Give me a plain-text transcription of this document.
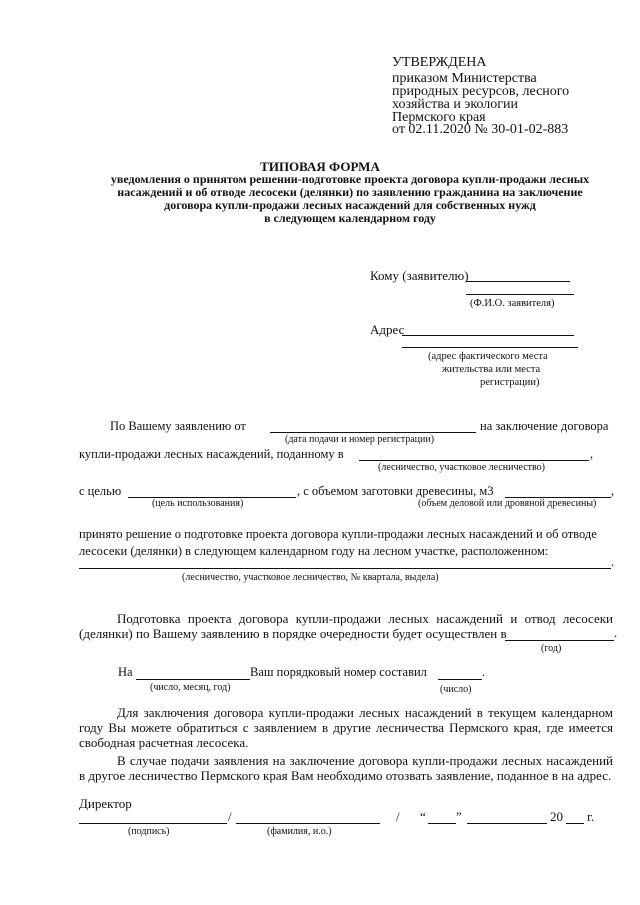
УТВЕРЖДЕНА
приказом Министерства
природных ресурсов, лесного
хозяйства и экологии
Пермского края
от 02.11.2020 № 30-01-02-883
ТИПОВАЯ ФОРМА
уведомления о принятом решении-подготовке проекта договора купли-продажи лесных
насаждений и об отводе лесосеки (делянки) по заявлению гражданина на заключение
договора купли-продажи лесных насаждений для собственных нужд
в следующем календарном году
Кому (заявителю)
(Ф.И.О. заявителя)
Адрес
(адрес фактического места
жительства или места
регистрации)
По Вашему заявлению от	на заключение договора
(дата подачи и номер регистрации)
купли-продажи лесных насаждений, поданному в	,
(лесничество, участковое лесничество)
с целью	, с объемом заготовки древесины, м3	,
(цель использования)	(объем деловой или дровяной древесины)
принято решение о подготовке проекта договора купли-продажи лесных насаждений и об отводе
лесосеки (делянки) в следующем календарном году на лесном участке, расположенном:
.
(лесничество, участковое лесничество, № квартала, выдела)
Подготовка проекта договора купли-продажи лесных насаждений и отвод лесосеки (делянки) по Вашему заявлению в порядке очередности будет осуществлен в	.
(год)
На	Ваш порядковый номер составил	.
(число, месяц, год)	(число)
Для заключения договора купли-продажи лесных насаждений в текущем календарном году Вы можете обратиться с заявлением в другие лесничества Пермского края, где имеется свободная расчетная лесосека.
В случае подачи заявления на заключение договора купли-продажи лесных насаждений в другое лесничество Пермского края Вам необходимо отозвать заявление, поданное в на адрес.
Директор
/	/ “ ”	20 г.
(подпись)	(фамилия, и.о.)
